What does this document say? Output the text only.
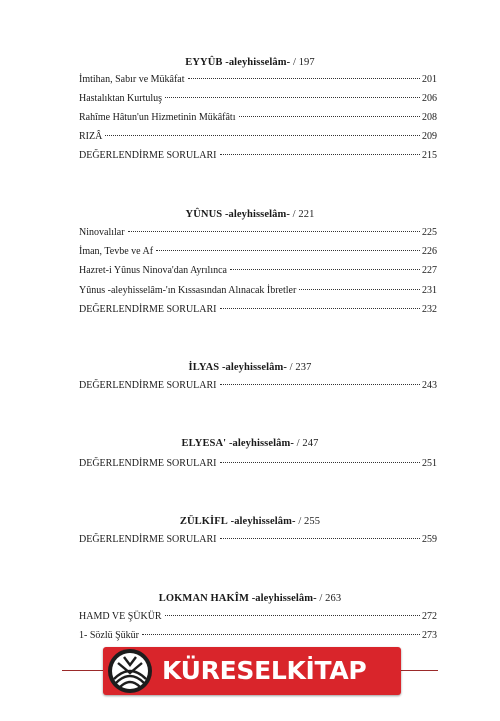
EYYÛB -aleyhisselâm- / 197
İmtihan, Sabır ve Mükâfat	201
Hastalıktan Kurtuluş	206
Rahîme Hâtun'un Hizmetinin Mükâfâtı	208
RIZÂ	209
DEĞERLENDİRME SORULARI	215
YÛNUS -aleyhisselâm- / 221
Ninovalılar	225
İman, Tevbe ve Af	226
Hazret-i Yûnus Ninova'dan Ayrılınca	227
Yûnus -aleyhisselâm-'ın Kıssasından Alınacak İbretler	231
DEĞERLENDİRME SORULARI	232
İLYAS -aleyhisselâm- / 237
DEĞERLENDİRME SORULARI	243
ELYESA' -aleyhisselâm- / 247
DEĞERLENDİRME SORULARI	251
ZÜLKİFL -aleyhisselâm- / 255
DEĞERLENDİRME SORULARI	259
LOKMAN HAKÎM -aleyhisselâm- / 263
HAMD VE ŞÜKÜR	272
1- Sözlü Şükür	273
KÜRESELKİTAP
